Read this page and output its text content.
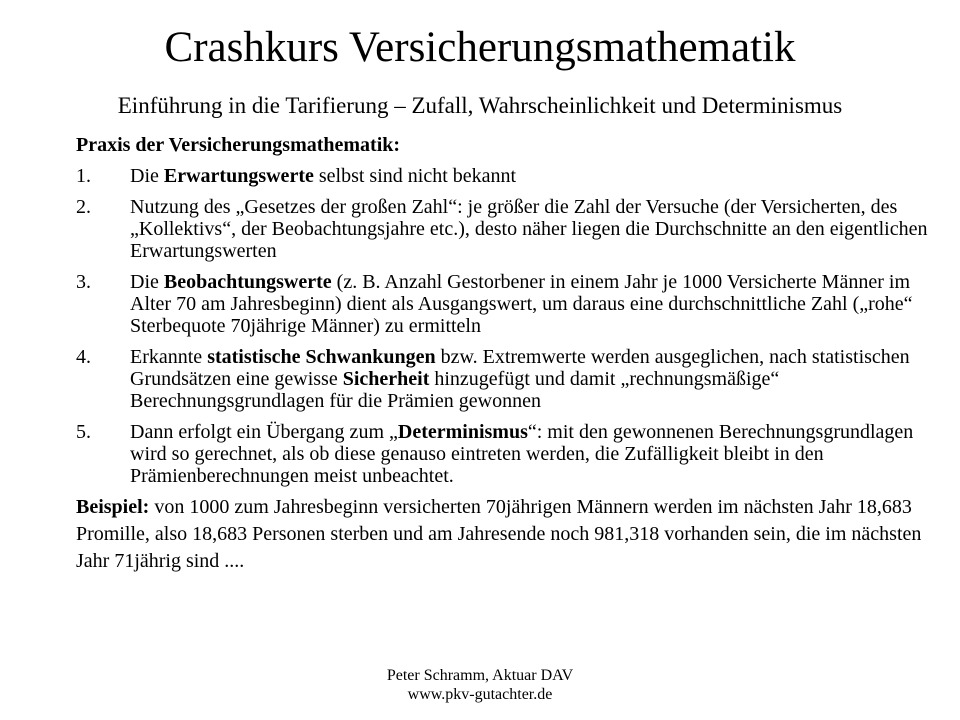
Crashkurs Versicherungsmathematik
Einführung in die Tarifierung – Zufall, Wahrscheinlichkeit und Determinismus
Praxis der Versicherungsmathematik:
1.	Die Erwartungswerte selbst sind nicht bekannt
2.	Nutzung des „Gesetzes der großen Zahl“: je größer die Zahl der Versuche (der Versicherten, des „Kollektivs“, der Beobachtungsjahre etc.), desto näher liegen die Durchschnitte an den eigentlichen Erwartungswerten
3.	Die Beobachtungswerte (z. B. Anzahl Gestorbener in einem Jahr je 1000 Versicherte Männer im Alter 70 am Jahresbeginn) dient als Ausgangswert, um daraus eine durchschnittliche Zahl („rohe“ Sterbequote 70jährige Männer) zu ermitteln
4.	Erkannte statistische Schwankungen bzw. Extremwerte werden ausgeglichen, nach statistischen Grundsätzen eine gewisse Sicherheit hinzugefügt und damit „rechnungsmäßige“ Berechnungsgrundlagen für die Prämien gewonnen
5.	Dann erfolgt ein Übergang zum „Determinismus“: mit den gewonnenen Berechnungsgrundlagen wird so gerechnet, als ob diese genauso eintreten werden, die Zufälligkeit bleibt in den Prämienberechnungen meist unbeachtet.
Beispiel: von 1000 zum Jahresbeginn versicherten 70jährigen Männern werden im nächsten Jahr 18,683 Promille, also 18,683 Personen sterben und am Jahresende noch 981,318 vorhanden sein, die im nächsten Jahr 71jährig sind ....
Peter Schramm, Aktuar DAV
www.pkv-gutachter.de
